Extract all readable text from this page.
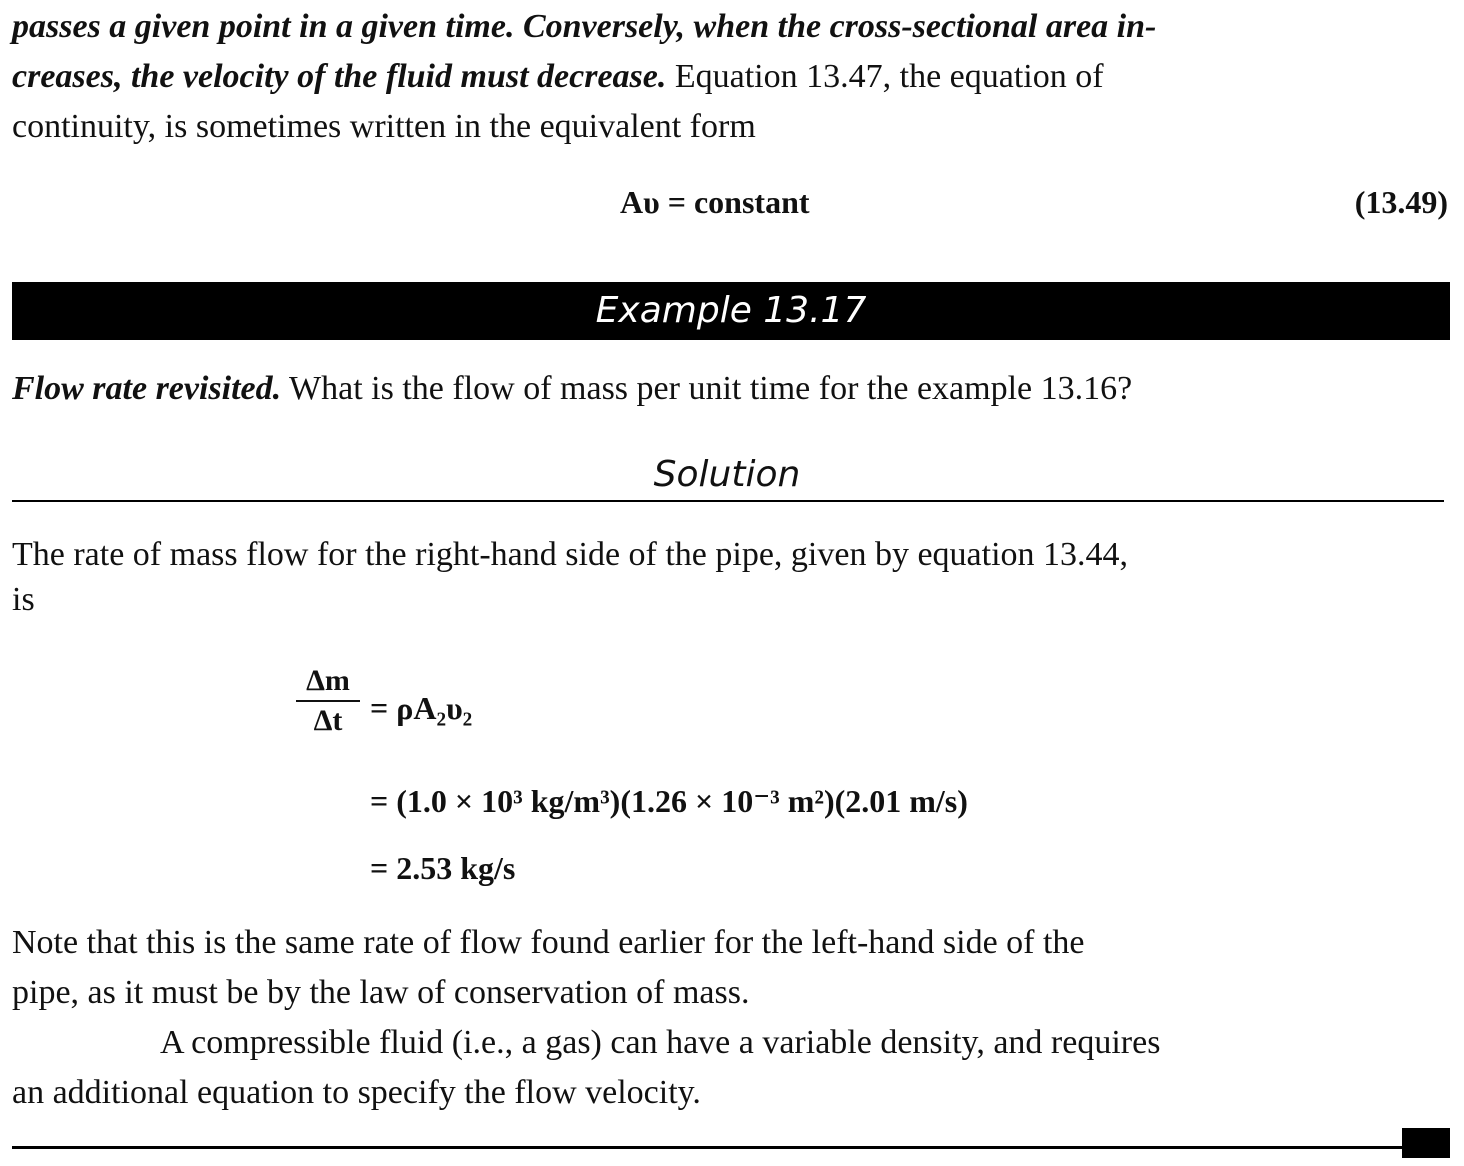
passes a given point in a given time. Conversely, when the cross-sectional area in-
creases, the velocity of the fluid must decrease. Equation 13.47, the equation of
continuity, is sometimes written in the equivalent form
Aυ = constant	(13.49)
Example 13.17
Flow rate revisited. What is the flow of mass per unit time for the example 13.16?
Solution
The rate of mass flow for the right-hand side of the pipe, given by equation 13.44,
is
Δm
Δt = ρA₂υ₂
= (1.0 × 10³ kg/m³)(1.26 × 10⁻³ m²)(2.01 m/s)
= 2.53 kg/s
Note that this is the same rate of flow found earlier for the left-hand side of the
pipe, as it must be by the law of conservation of mass.
A compressible fluid (i.e., a gas) can have a variable density, and requires
an additional equation to specify the flow velocity.
